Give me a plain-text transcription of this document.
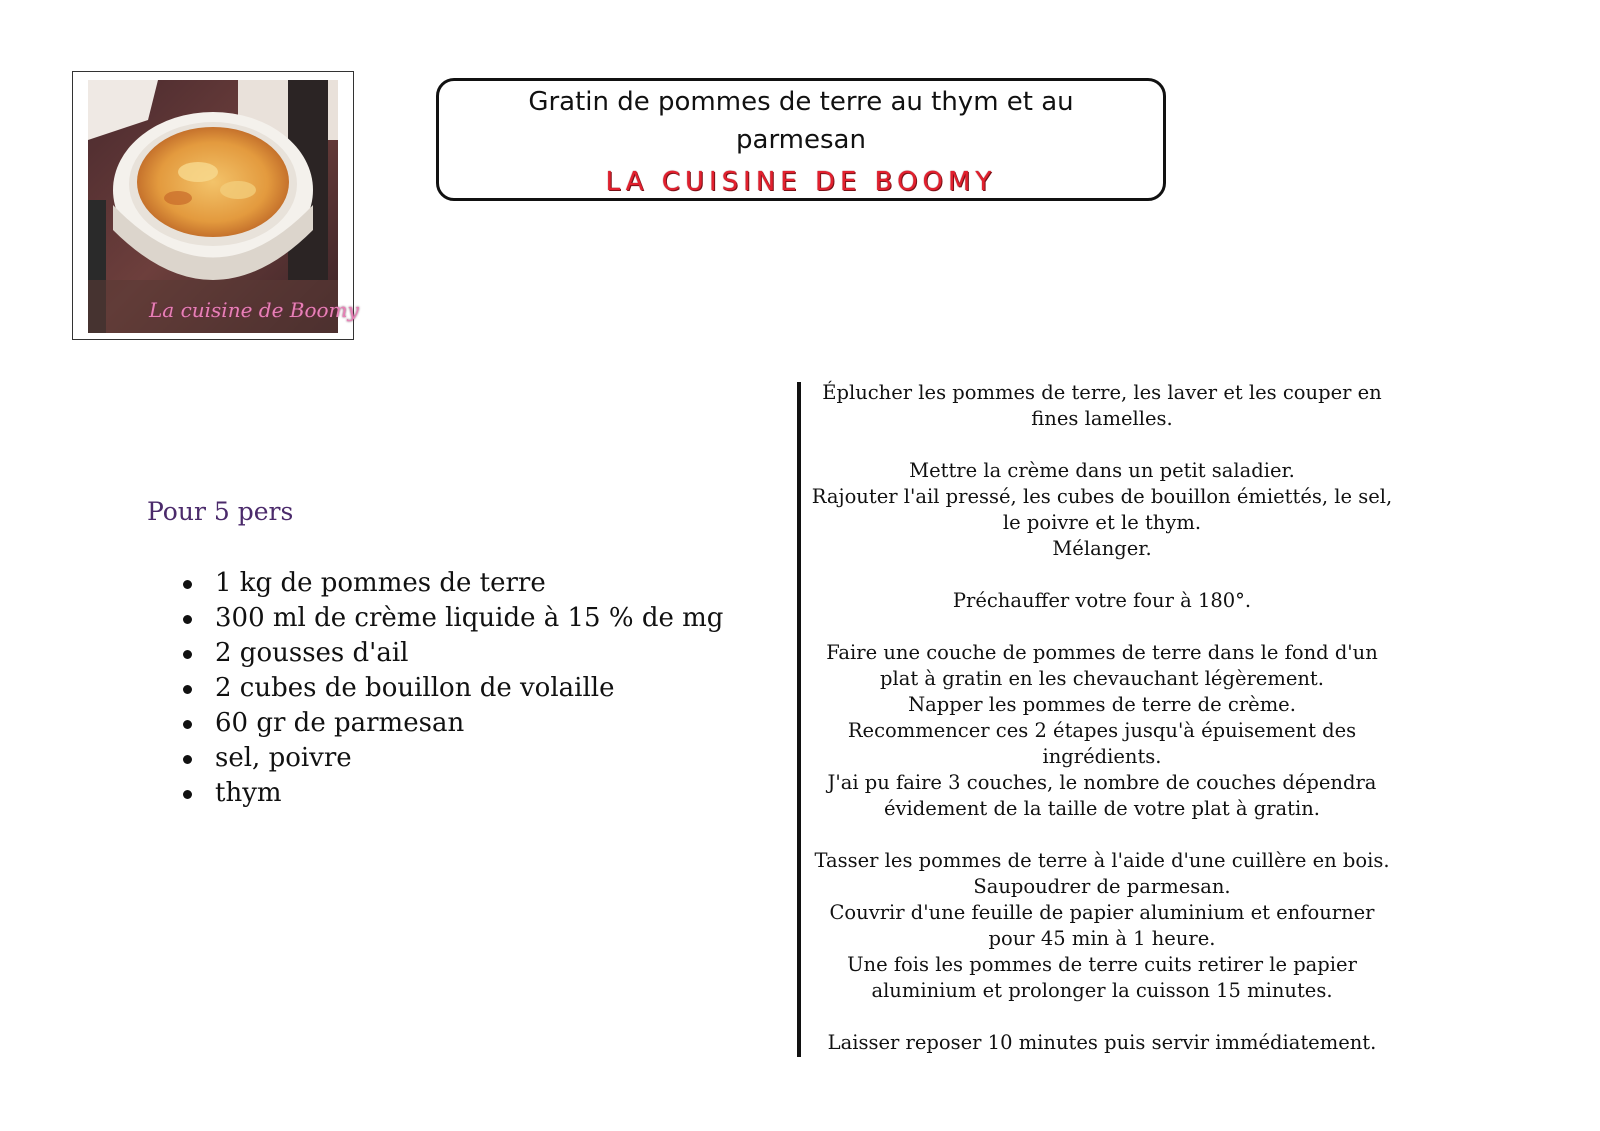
La cuisine de Boomy
Gratin de pommes de terre au thym et au
parmesan
LA CUISINE DE BOOMY
Pour 5 pers
1 kg de pommes de terre
300 ml de crème liquide à 15 % de mg
2 gousses d'ail
2 cubes de bouillon de volaille
60 gr de parmesan
sel, poivre
thym

Éplucher les pommes de terre, les laver et les couper en
fines lamelles.

Mettre la crème dans un petit saladier.
Rajouter l'ail pressé, les cubes de bouillon émiettés, le sel,
le poivre et le thym.
Mélanger.

Préchauffer votre four à 180°.

Faire une couche de pommes de terre dans le fond d'un
plat à gratin en les chevauchant légèrement.
Napper les pommes de terre de crème.
Recommencer ces 2 étapes jusqu'à épuisement des
ingrédients.
J'ai pu faire 3 couches, le nombre de couches dépendra
évidement de la taille de votre plat à gratin.

Tasser les pommes de terre à l'aide d'une cuillère en bois.
Saupoudrer de parmesan.
Couvrir d'une feuille de papier aluminium et enfourner
pour 45 min à 1 heure.
Une fois les pommes de terre cuits retirer le papier
aluminium et prolonger la cuisson 15 minutes.

Laisser reposer 10 minutes puis servir immédiatement.
